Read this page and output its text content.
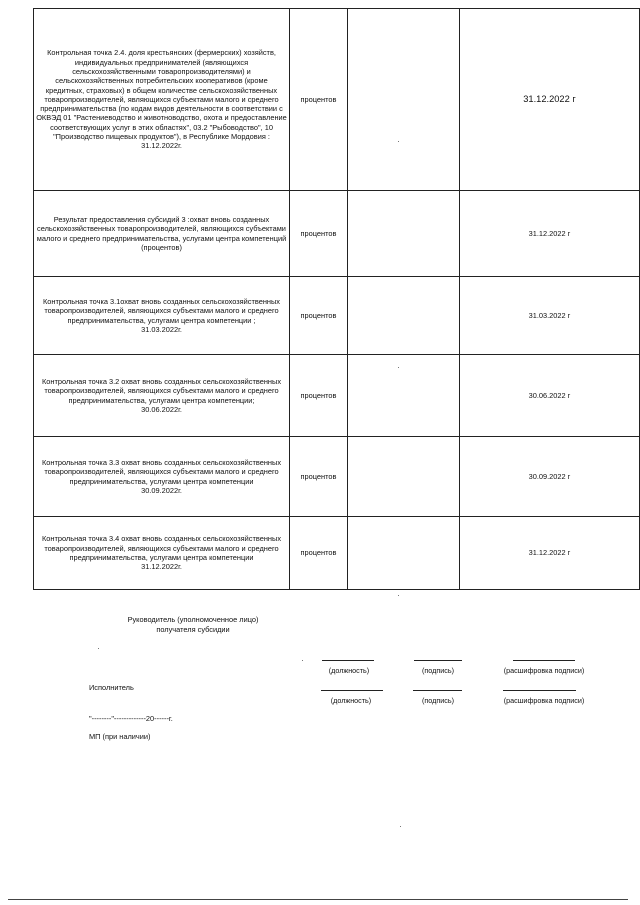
Контрольная точка 2.4. доля крестьянских (фермерских) хозяйств, индивидуальных предпринимателей (являющихся сельскохозяйственными товаропроизводителями) и сельскохозяйственных потребительских кооперативов (кроме кредитных, страховых) в общем количестве сельскохозяйственных товаропроизводителей, являющихся субъектами малого и среднего предпринимательства (по кодам видов деятельности в соответствии с ОКВЭД 01 "Растениеводство и животноводство, охота и предоставление соответствующих услуг в этих областях", 03.2 "Рыбоводство", 10 "Производство пищевых продуктов"), в Республике Мордовия :
31.12.2022г.	процентов		31.12.2022 г
Результат предоставления субсидий 3 :охват вновь созданных сельскохозяйственных товаропроизводителей, являющихся субъектами малого и среднего предпринимательства, услугами центра компетенций (процентов)	процентов		31.12.2022 г
Контрольная точка 3.1охват вновь созданных сельскохозяйственных товаропроизводителей, являющихся субъектами малого и среднего предпринимательства, услугами центра компетенции ;
31.03.2022г.	процентов		31.03.2022 г
Контрольная точка 3.2 охват вновь созданных сельскохозяйственных товаропроизводителей, являющихся субъектами малого и среднего предпринимательства, услугами центра компетенции;
30.06.2022г.	процентов		30.06.2022 г
Контрольная точка 3.3 охват вновь созданных сельскохозяйственных товаропроизводителей, являющихся субъектами малого и среднего предпринимательства, услугами центра компетенции
30.09.2022г.	процентов		30.09.2022 г
Контрольная точка 3.4 охват вновь созданных сельскохозяйственных товаропроизводителей, являющихся субъектами малого и среднего предпринимательства, услугами центра компетенции
31.12.2022г.	процентов		31.12.2022 г
Руководитель (уполномоченное лицо)
получателя субсидии
(должность)	(подпись)	(расшифровка подписи)
Исполнитель
(должность)	(подпись)	(расшифровка подписи)
"--------"-------------20------г.
МП (при наличии)
